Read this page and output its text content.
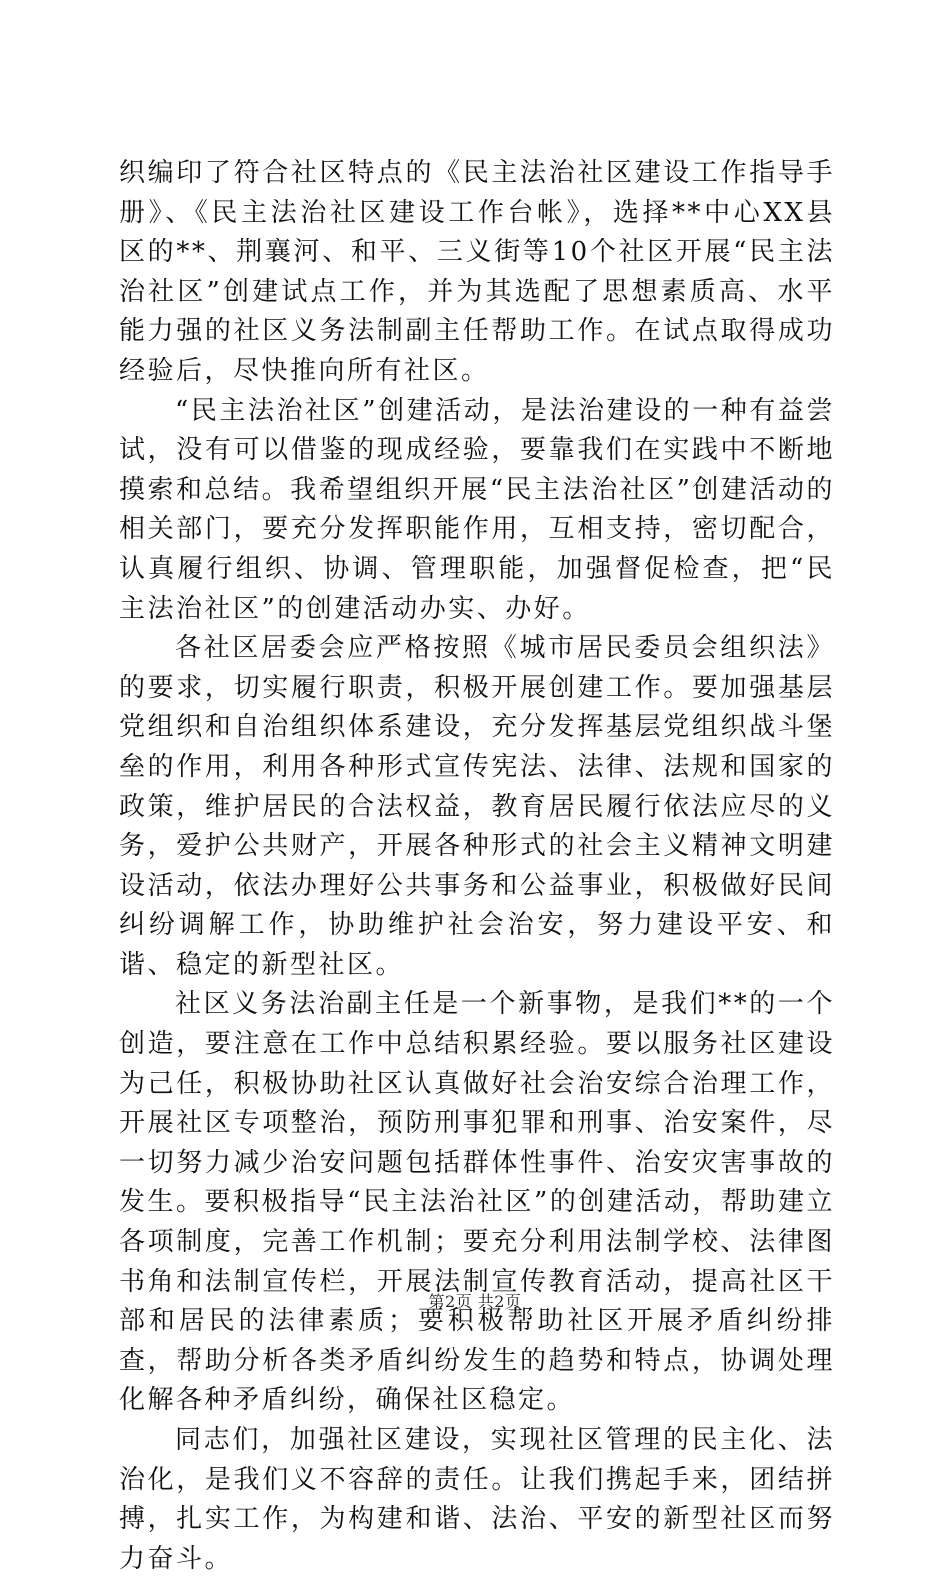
织编印了符合社区特点的《民主法治社区建设工作指导手册》、《民主法治社区建设工作台帐》，选择**中心XX县区的**、荆襄河、和平、三义街等10个社区开展“民主法治社区”创建试点工作，并为其选配了思想素质高、水平能力强的社区义务法制副主任帮助工作。在试点取得成功经验后，尽快推向所有社区。

“民主法治社区”创建活动，是法治建设的一种有益尝试，没有可以借鉴的现成经验，要靠我们在实践中不断地摸索和总结。我希望组织开展“民主法治社区”创建活动的相关部门，要充分发挥职能作用，互相支持，密切配合，认真履行组织、协调、管理职能，加强督促检查，把“民主法治社区”的创建活动办实、办好。

各社区居委会应严格按照《城市居民委员会组织法》的要求，切实履行职责，积极开展创建工作。要加强基层党组织和自治组织体系建设，充分发挥基层党组织战斗堡垒的作用，利用各种形式宣传宪法、法律、法规和国家的政策，维护居民的合法权益，教育居民履行依法应尽的义务，爱护公共财产，开展各种形式的社会主义精神文明建设活动，依法办理好公共事务和公益事业，积极做好民间纠纷调解工作，协助维护社会治安，努力建设平安、和谐、稳定的新型社区。

社区义务法治副主任是一个新事物，是我们**的一个创造，要注意在工作中总结积累经验。要以服务社区建设为己任，积极协助社区认真做好社会治安综合治理工作，开展社区专项整治，预防刑事犯罪和刑事、治安案件，尽一切努力减少治安问题包括群体性事件、治安灾害事故的发生。要积极指导“民主法治社区”的创建活动，帮助建立各项制度，完善工作机制；要充分利用法制学校、法律图书角和法制宣传栏，开展法制宣传教育活动，提高社区干部和居民的法律素质；要积极帮助社区开展矛盾纠纷排查，帮助分析各类矛盾纠纷发生的趋势和特点，协调处理化解各种矛盾纠纷，确保社区稳定。

同志们，加强社区建设，实现社区管理的民主化、法治化，是我们义不容辞的责任。让我们携起手来，团结拼搏，扎实工作，为构建和谐、法治、平安的新型社区而努力奋斗。

第2页 共2页
